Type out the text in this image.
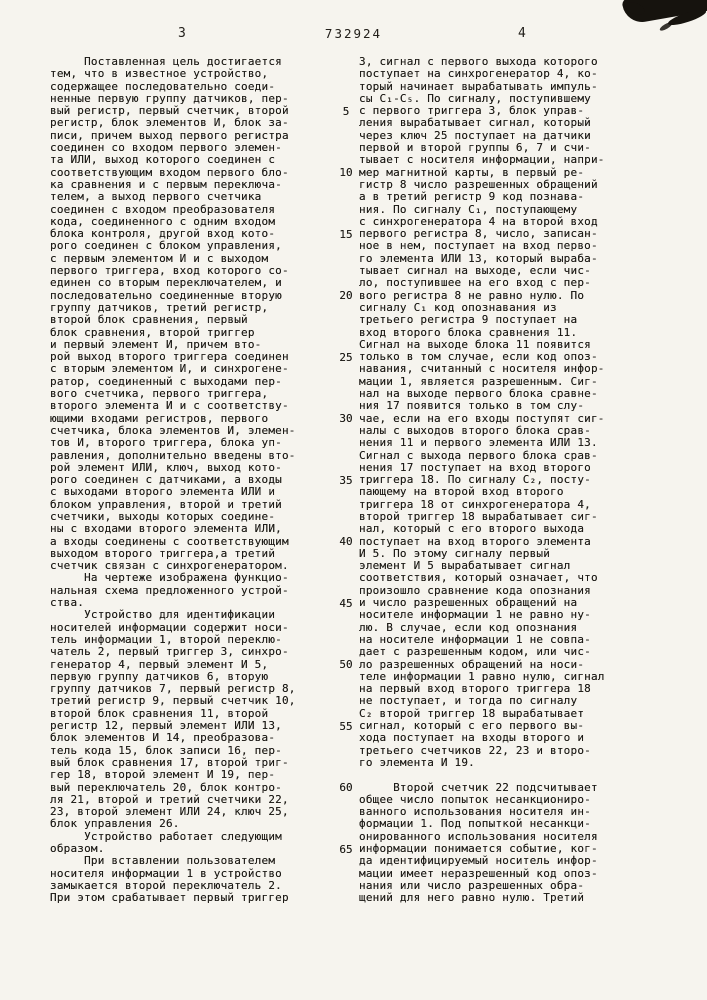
3	732924	4
Поставленная цель достигается
тем, что в известное устройство,
содержащее последовательно соеди-
ненные первую группу датчиков, пер-
вый регистр, первый счетчик, второй
регистр, блок элементов И, блок за-
писи, причем выход первого регистра
соединен со входом первого элемен-
та ИЛИ, выход которого соединен с
соответствующим входом первого бло-
ка сравнения и с первым переключа-
телем, а выход первого счетчика
соединен с входом преобразователя
кода, соединенного с одним входом
блока контроля, другой вход кото-
рого соединен с блоком управления,
с первым элементом И и с выходом
первого триггера, вход которого со-
единен со вторым переключателем, и
последовательно соединенные вторую
группу датчиков, третий регистр,
второй блок сравнения, первый
блок сравнения, второй триггер
и первый элемент И, причем вто-
рой выход второго триггера соединен
с вторым элементом И, и синхрогене-
ратор, соединенный с выходами пер-
вого счетчика, первого триггера,
второго элемента И и с соответству-
ющими входами регистров, первого
счетчика, блока элементов И, элемен-
тов И, второго триггера, блока уп-
равления, дополнительно введены вто-
рой элемент ИЛИ, ключ, выход кото-
рого соединен с датчиками, а входы
с выходами второго элемента ИЛИ и
блоком управления, второй и третий
счетчики, выходы которых соедине-
ны с входами второго элемента ИЛИ,
а входы соединены с соответствующим
выходом второго триггера,а третий
счетчик связан с синхрогенератором.
На чертеже изображена функцио-
нальная схема предложенного устрой-
ства.
Устройство для идентификации
носителей информации содержит носи-
тель информации 1, второй переклю-
чатель 2, первый триггер 3, синхро-
генератор 4, первый элемент И 5,
первую группу датчиков 6, вторую
группу датчиков 7, первый регистр 8,
третий регистр 9, первый счетчик 10,
второй блок сравнения 11, второй
регистр 12, первый элемент ИЛИ 13,
блок элементов И 14, преобразова-
тель кода 15, блок записи 16, пер-
вый блок сравнения 17, второй триг-
гер 18, второй элемент И 19, пер-
вый переключатель 20, блок контро-
ля 21, второй и третий счетчики 22,
23, второй элемент ИЛИ 24, ключ 25,
блок управления 26.
Устройство работает следующим
образом.
При вставлении пользователем
носителя информации 1 в устройство
замыкается второй переключатель 2.
При этом срабатывает первый триггер
5
10
15
20
25
30
35
40
45
50
55
60
65
3, сигнал с первого выхода которого
поступает на синхрогенератор 4, ко-
торый начинает вырабатывать импуль-
сы C₁-C₅. По сигналу, поступившему
с первого триггера 3, блок управ-
ления вырабатывает сигнал, который
через ключ 25 поступает на датчики
первой и второй группы 6, 7 и счи-
тывает с носителя информации, напри-
мер магнитной карты, в первый ре-
гистр 8 число разрешенных обращений
а в третий регистр 9 код познава-
ния. По сигналу C₁, поступающему
с синхрогенератора 4 на второй вход
первого регистра 8, число, записан-
ное в нем, поступает на вход перво-
го элемента ИЛИ 13, который выраба-
тывает сигнал на выходе, если чис-
ло, поступившее на его вход с пер-
вого регистра 8 не равно нулю. По
сигналу C₁ код опознавания из
третьего регистра 9 поступает на
вход второго блока сравнения 11.
Сигнал на выходе блока 11 появится
только в том случае, если код опоз-
навания, считанный с носителя инфор-
мации 1, является разрешенным. Сиг-
нал на выходе первого блока сравне-
ния 17 появится только в том слу-
чае, если на его входы поступят сиг-
налы с выходов второго блока срав-
нения 11 и первого элемента ИЛИ 13.
Сигнал с выхода первого блока срав-
нения 17 поступает на вход второго
триггера 18. По сигналу C₂, посту-
пающему на второй вход второго
триггера 18 от синхрогенератора 4,
второй триггер 18 вырабатывает сиг-
нал, который с его второго выхода
поступает на вход второго элемента
И 5. По этому сигналу первый
элемент И 5 вырабатывает сигнал
соответствия, который означает, что
произошло сравнение кода опознания
и число разрешенных обращений на
носителе информации 1 не равно ну-
лю. В случае, если код опознания
на носителе информации 1 не совпа-
дает с разрешенным кодом, или чис-
ло разрешенных обращений на носи-
теле информации 1 равно нулю, сигнал
на первый вход второго триггера 18
не поступает, и тогда по сигналу
C₂ второй триггер 18 вырабатывает
сигнал, который с его первого вы-
хода поступает на входы второго и
третьего счетчиков 22, 23 и второ-
го элемента И 19.

Второй счетчик 22 подсчитывает
общее число попыток несанкциониро-
ванного использования носителя ин-
формации 1. Под попыткой несанкци-
онированного использования носителя
информации понимается событие, ког-
да идентифицируемый носитель инфор-
мации имеет неразрешенный код опоз-
нания или число разрешенных обра-
щений для него равно нулю. Третий
